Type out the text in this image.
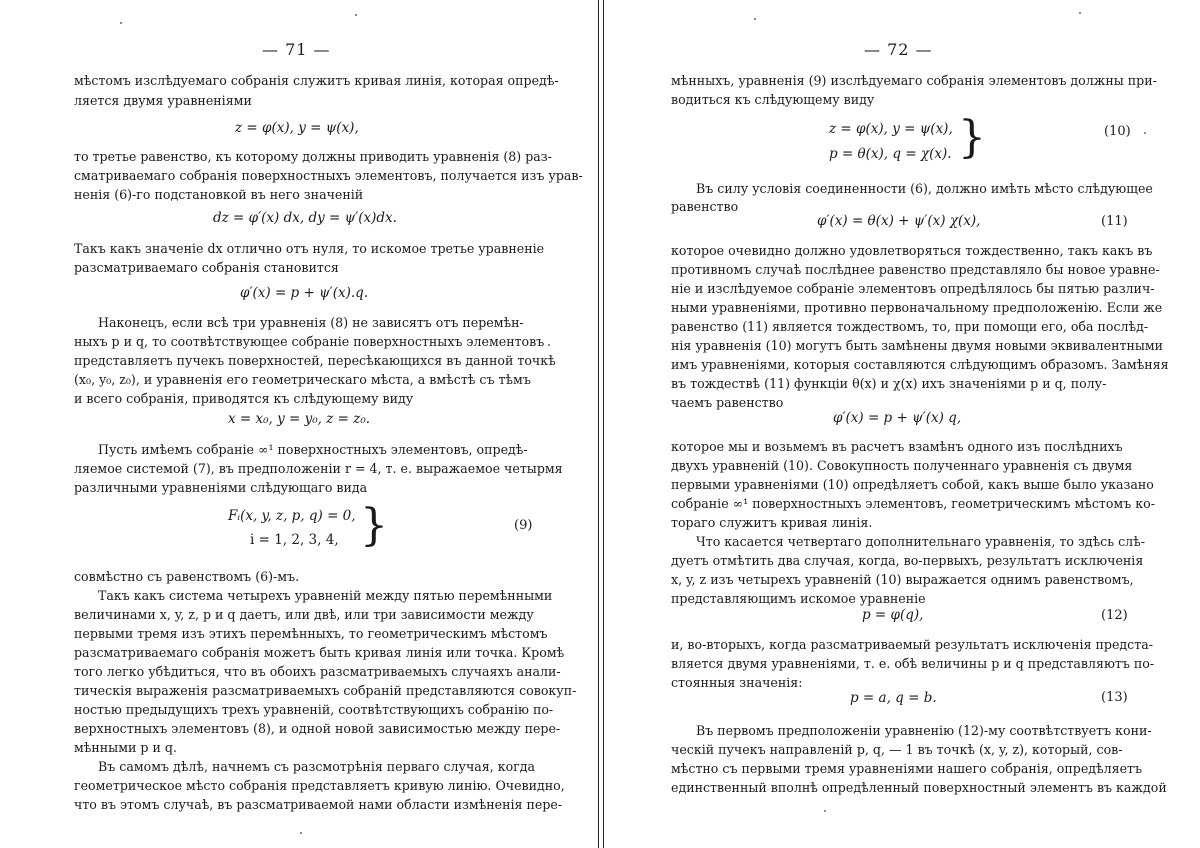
— 71 —
мѣстомъ изслѣдуемаго собранія служитъ кривая линія, которая опредѣ-
ляется двумя уравненіями
z = φ(x), y = ψ(x),
то третье равенство, къ которому должны приводить уравненія (8) раз-
сматриваемаго собранія поверхностныхъ элементовъ, получается изъ урав-
ненія (6)-го подстановкой въ него значеній
dz = φ′(x) dx, dy = ψ′(x)dx.
Такъ какъ значеніе dx отлично отъ нуля, то искомое третье уравненіе
разсматриваемаго собранія становится
φ′(x) = p + ψ′(x).q.
Наконецъ, если всѣ три уравненія (8) не зависятъ отъ перемѣн-
ныхъ p и q, то соотвѣтствующее собраніе поверхностныхъ элементовъ
представляетъ пучекъ поверхностей, пересѣкающихся въ данной точкѣ
(x₀, y₀, z₀), и уравненія его геометрическаго мѣста, а вмѣстѣ съ тѣмъ
и всего собранія, приводятся къ слѣдующему виду
x = x₀, y = y₀, z = z₀.
Пусть имѣемъ собраніе ∞¹ поверхностныхъ элементовъ, опредѣ-
ляемое системой (7), въ предположеніи r = 4, т. е. выражаемое четырмя
различными уравненіями слѣдующаго вида
Fᵢ(x, y, z, p, q) = 0,
i = 1, 2, 3, 4, }	(9)
совмѣстно съ равенствомъ (6)-мъ.
Такъ какъ система четырехъ уравненій между пятью перемѣнными
величинами x, y, z, p и q даетъ, или двѣ, или три зависимости между
первыми тремя изъ этихъ перемѣнныхъ, то геометрическимъ мѣстомъ
разсматриваемаго собранія можетъ быть кривая линія или точка. Кромѣ
того легко убѣдиться, что въ обоихъ разсматриваемыхъ случаяхъ анали-
тическія выраженія разсматриваемыхъ собраній представляются совокуп-
ностью предыдущихъ трехъ уравненій, соотвѣтствующихъ собранію по-
верхностныхъ элементовъ (8), и одной новой зависимостью между пере-
мѣнными p и q.
Въ самомъ дѣлѣ, начнемъ съ разсмотрѣнія перваго случая, когда
геометрическое мѣсто собранія представляетъ кривую линію. Очевидно,
что въ этомъ случаѣ, въ разсматриваемой нами области измѣненія пере-
— 72 —
мѣнныхъ, уравненія (9) изслѣдуемаго собранія элементовъ должны при-
водиться къ слѣдующему виду
z = φ(x), y = ψ(x),
p = θ(x), q = χ(x). }	(10)
Въ силу условія соединенности (6), должно имѣть мѣсто слѣдующее
равенство
φ′(x) = θ(x) + ψ′(x) χ(x),	(11)
которое очевидно должно удовлетворяться тождественно, такъ какъ въ
противномъ случаѣ послѣднее равенство представляло бы новое уравне-
ніе и изслѣдуемое собраніе элементовъ опредѣлялось бы пятью различ-
ными уравненіями, противно первоначальному предположенію. Если же
равенство (11) является тождествомъ, то, при помощи его, оба послѣд-
нія уравненія (10) могутъ быть замѣнены двумя новыми эквивалентными
имъ уравненіями, которыя составляются слѣдующимъ образомъ. Замѣняя
въ тождествѣ (11) функціи θ(x) и χ(x) ихъ значеніями p и q, полу-
чаемъ равенство
φ′(x) = p + ψ′(x) q,
которое мы и возьмемъ въ расчетъ взамѣнъ одного изъ послѣднихъ
двухъ уравненій (10). Совокупность полученнаго уравненія съ двумя
первыми уравненіями (10) опредѣляетъ собой, какъ выше было указано
собраніе ∞¹ поверхностныхъ элементовъ, геометрическимъ мѣстомъ ко-
тораго служитъ кривая линія.
Что касается четвертаго дополнительнаго уравненія, то здѣсь слѣ-
дуетъ отмѣтить два случая, когда, во-первыхъ, результатъ исключенія
x, y, z изъ четырехъ уравненій (10) выражается однимъ равенствомъ,
представляющимъ искомое уравненіе
p = φ(q),	(12)
и, во-вторыхъ, когда разсматриваемый результатъ исключенія предста-
вляется двумя уравненіями, т. е. обѣ величины p и q представляютъ по-
стоянныя значенія:
p = a, q = b.	(13)
Въ первомъ предположеніи уравненію (12)-му соотвѣтствуетъ кони-
ческій пучекъ направленій p, q, — 1 въ точкѣ (x, y, z), который, сов-
мѣстно съ первыми тремя уравненіями нашего собранія, опредѣляетъ
единственный вполнѣ опредѣленный поверхностный элементъ въ каждой
